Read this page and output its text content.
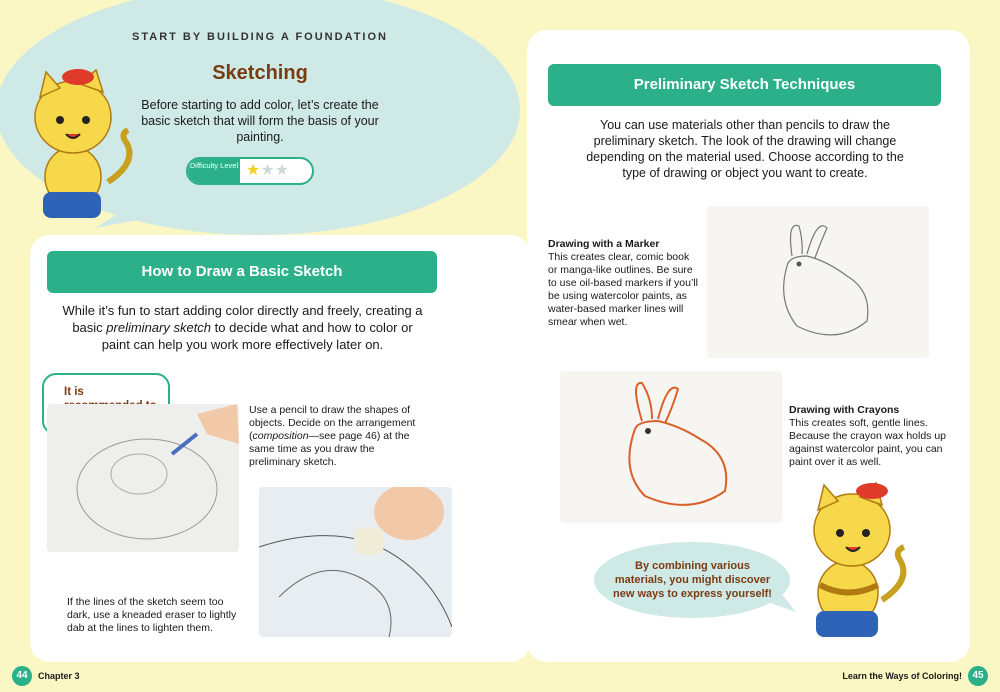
START BY BUILDING A FOUNDATION
Sketching
Before starting to add color, let’s create the basic sketch that will form the basis of your painting.
Difficulty Level ★★★
How to Draw a Basic Sketch
While it’s fun to start adding color directly and freely, creating a basic preliminary sketch to decide what and how to color or paint can help you work more effectively later on.
It is
Use a pencil to draw the shapes of objects. Decide on the arrangement (composition—see page 46) at the same time as you draw the preliminary sketch.
If the lines of the sketch seem too dark, use a kneaded eraser to lightly dab at the lines to lighten them.
Preliminary Sketch Techniques
You can use materials other than pencils to draw the preliminary sketch. The look of the drawing will change depending on the material used. Choose according to the type of drawing or object you want to create.
Drawing with a Marker
This creates clear, comic book or manga-like outlines. Be sure to use oil-based markers if you’ll be using watercolor paints, as water-based marker lines will smear when wet.
Drawing with Crayons
This creates soft, gentle lines. Because the crayon wax holds up against watercolor paint, you can paint over it as well.
By combining various materials, you might discover new ways to express yourself!
44	Chapter 3	Learn the Ways of Coloring!	45
